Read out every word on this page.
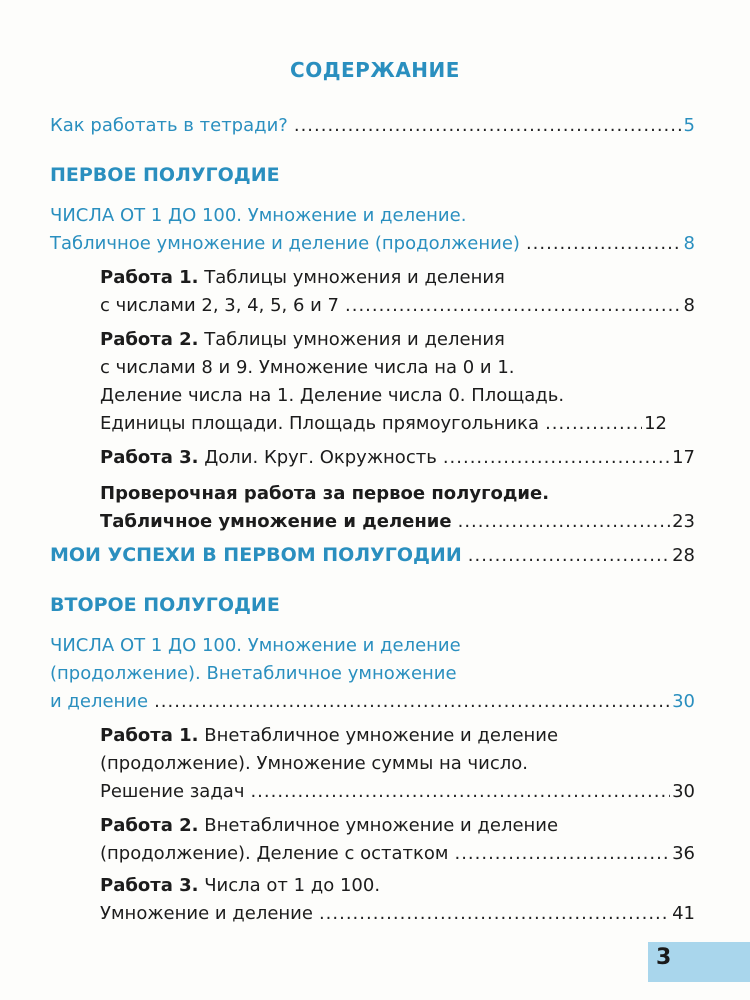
СОДЕРЖАНИЕ
Как работать в тетради? .....	5
ПЕРВОЕ ПОЛУГОДИЕ
ЧИСЛА ОТ 1 ДО 100. Умножение и деление.
Табличное умножение и деление (продолжение) .....	8
Работа 1. Таблицы умножения и деления
с числами 2, 3, 4, 5, 6 и 7 .....	8
Работа 2. Таблицы умножения и деления
с числами 8 и 9. Умножение числа на 0 и 1.
Деление числа на 1. Деление числа 0. Площадь.
Единицы площади. Площадь прямоугольника .....	12
Работа 3. Доли. Круг. Окружность .....	17
Проверочная работа за первое полугодие.
Табличное умножение и деление .....	23
МОИ УСПЕХИ В ПЕРВОМ ПОЛУГОДИИ .....	28
ВТОРОЕ ПОЛУГОДИЕ
ЧИСЛА ОТ 1 ДО 100. Умножение и деление
(продолжение). Внетабличное умножение
и деление .....	30
Работа 1. Внетабличное умножение и деление
(продолжение). Умножение суммы на число.
Решение задач .....	30
Работа 2. Внетабличное умножение и деление
(продолжение). Деление с остатком .....	36
Работа 3. Числа от 1 до 100.
Умножение и деление .....	41
3
